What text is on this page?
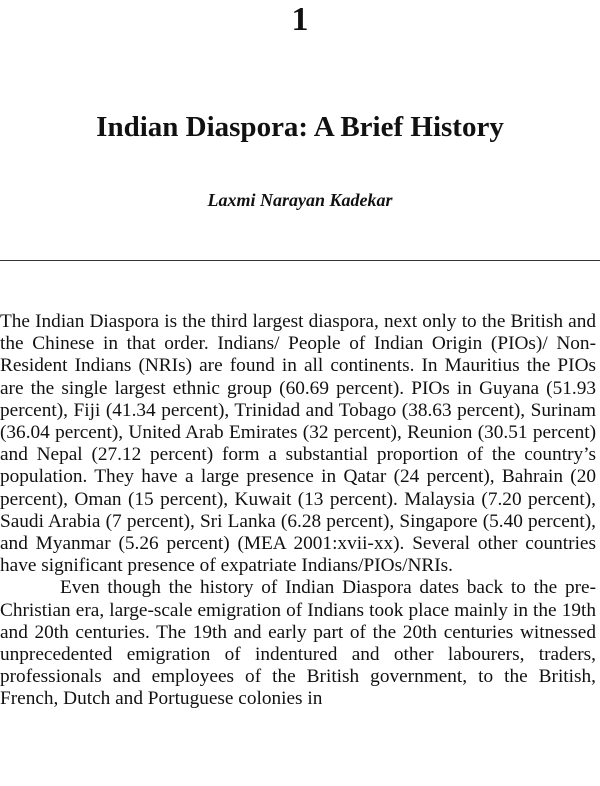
1
Indian Diaspora: A Brief History
Laxmi Narayan Kadekar

The Indian Diaspora is the third largest diaspora, next only to the British and the Chinese in that order. Indians/ People of Indian Origin (PIOs)/ Non-Resident Indians (NRIs) are found in all continents. In Mauritius the PIOs are the single largest ethnic group (60.69 percent). PIOs in Guyana (51.93 percent), Fiji (41.34 percent), Trinidad and Tobago (38.63 percent), Surinam (36.04 percent), United Arab Emirates (32 percent), Reunion (30.51 percent) and Nepal (27.12 percent) form a substantial proportion of the country’s population. They have a large presence in Qatar (24 percent), Bahrain (20 percent), Oman (15 percent), Kuwait (13 percent). Malaysia (7.20 percent), Saudi Arabia (7 percent), Sri Lanka (6.28 percent), Singapore (5.40 percent), and Myanmar (5.26 percent) (MEA 2001:xvii-xx). Several other countries have significant presence of expatriate Indians/PIOs/NRIs.

Even though the history of Indian Diaspora dates back to the pre-Christian era, large-scale emigration of Indians took place mainly in the 19th and 20th centuries. The 19th and early part of the 20th centuries witnessed unprecedented emigration of indentured and other labourers, traders, professionals and employees of the British government, to the British, French, Dutch and Portuguese colonies in
